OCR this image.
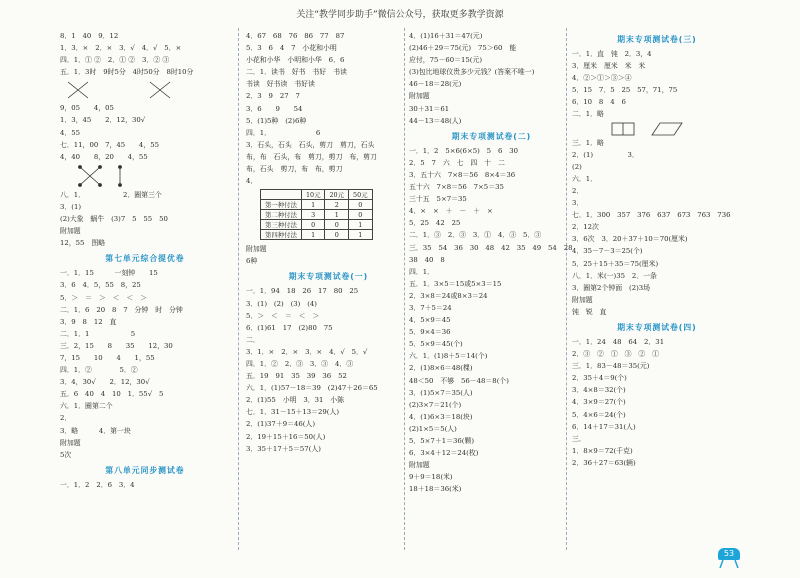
关注“教学同步助手”微信公众号，获取更多教学资源
8．1　40　9．12
1．3．×　2．×　3．√　4．√　5．×
四．1．① ②　2．① ②　3．② ③
五．1．3时　9时5分　4时50分　8时10分
9，05　　4，05
1．3，45　　2．12，30√
4．55
七．11，00　7，45　　4，55
4，40　　8，20　　4，55
八．1．　　　　　　2．圈第三个
3．(1)
(2)大象　蜗牛　(3)7　5　55　50
附加题
12，55　图略
第七单元综合提优卷
一．1．15　　　一刻钟　　15
3．6　4．5，55　8，25
5．＞　＝　＞　＜　＜　＞
二．1．6　20　8　7　分钟　时　分钟
3．9　8　12　直
二．1．1　　　　　　5
三．2，15　　8　　35　　12，30
7，15　　10　　4　　1，55
四．1．②　　　　5．②
3．4，30√　　2．12，30√
五．6　40　4　10　1．55√　5
六．1．圈第二个
2．
3．略　　　4．第一块
附加题
5次
第八单元同步测试卷
一．1．2　2．6　3．4
4．67　68　76　86　77　87
5．3　6　4　7　小花和小明
小花和小华　小明和小华　6．6
二．1．读书　好书　书好　书读
书读　好书读　书好读
2．3　9　27　7
3．6　　9　　54
5．(1)5种　(2)6种
四．1．　　　　　　　6
3．石头，石头　石头，剪刀　剪刀，石头
布，布　石头，布　剪刀，剪刀　布，剪刀
布，石头　剪刀，布　布，剪刀
4．
	10元	20元	50元
第一种付法	1	2	0
第二种付法	3	1	0
第三种付法	0	0	1
第四种付法	1	0	1
附加题
6种
期末专项测试卷(一)
一．1．94　18　26　17　80　25
3．(1)　(2)　(3)　(4)
5．＞　＜　＝　＜　＞
6．(1)61　17　(2)80　75
二．
3．1．×　2．×　3．×　4．√　5．√
四．1．②　2．③　3．③　4．③
五．19　91　35　39　36　52
六．1．(1)57－18＝39　(2)47＋26＝65
2．(1)55　小明　3．31　小陈
七．1．31－15＋13＝29(人)
2．(1)37＋9＝46(人)
2．19＋15＋16＝50(人)
3．35＋17＋5＝57(人)
4．(1)16＋31＝47(元)
(2)46＋29＝75(元)　75＞60　能
应付，75－60＝15(元)
(3)包比地球仪贵多少元钱？(答案不唯一)
46－18＝28(元)
附加题
30＋31＝61
44－13＝48(人)
期末专项测试卷(二)
一．1．2　5×6(6×5)　5　6　30
2．5　7　六　七　四　十　二
3．五十六　7×8＝56　8×4＝36
五十六　7×8＝56　7×5＝35
三十五　5×7＝35
4．×　×　＋　－　＋　×
5．25　42　25
二．1．③　2．③　3．①　4．③　5．③
三．35　54　36　30　48　42　35　49　54　28
38　40　8
四．1．　　　　　　　　　
五．1．3×5＝15或5×3＝15
2．3×8＝24或8×3＝24
3．7＋5＝24
4．5×9＝45
5．9×4＝36
5．5×9＝45(个)
六．1．(1)8＋5＝14(个)
2．(1)8×6＝48(棵)
48＜50　不够　56－48＝8(个)
3．(1)5×7＝35(人)
(2)3×7＝21(个)
4．(1)6×3＝18(块)
(2)1×5＝5(人)
5．5×7＋1＝36(颗)
6．3×4＋12＝24(枚)
附加题
9＋9＝18(米)
18＋18＝36(米)
期末专项测试卷(三)
一．1．直　钝　2．3，4
3．厘米　厘米　米　米
4．②＞①＞③＞④
5．15　7．5　25　57，71，75
6．10　8　4　6
二．1．略
三．1．略
2．(1)　　　　　3．
(2)
六．1．
2．
3．
七．1．300　357　376　637　673　763　736
2．12次
3．6次　3．20＋37＋10＝70(厘米)
4．35－7－3＝25(个)
5．25＋15＋35＝75(厘米)
八．1．米(一)35　2．一条
3．圈第2个钟面　(2)3场
附加题
钝　锐　直
期末专项测试卷(四)
一．1．24　48　64　2．31
2．③　②　①　③　②　①
三．1．83－48＝35(元)
2．35＋4＝9(个)
3．4×8＝32(个)
4．3×9＝27(个)
5．4×6＝24(个)
6．14＋17＝31(人)
三．
1．8×9＝72(千克)
2．36＋27＝63(辆)
53
